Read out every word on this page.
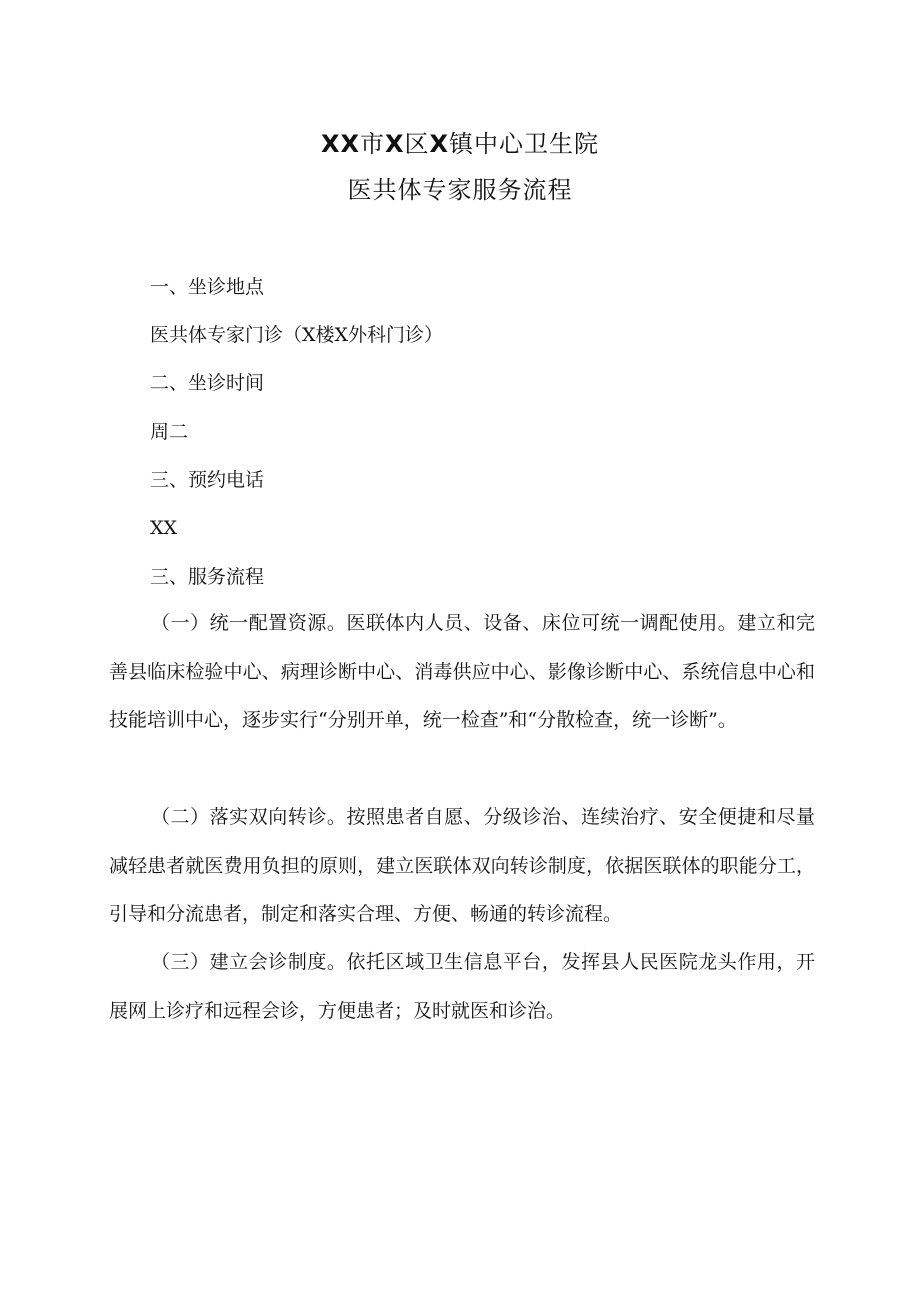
XX市X区X镇中心卫生院
医共体专家服务流程
一、坐诊地点
医共体专家门诊（X楼X外科门诊）
二、坐诊时间
周二
三、预约电话
XX
三、服务流程

（一）统一配置资源。医联体内人员、设备、床位可统一调配使用。建立和完善县临床检验中心、病理诊断中心、消毒供应中心、影像诊断中心、系统信息中心和技能培训中心，逐步实行“分别开单，统一检查”和“分散检查，统一诊断”。

（二）落实双向转诊。按照患者自愿、分级诊治、连续治疗、安全便捷和尽量减轻患者就医费用负担的原则，建立医联体双向转诊制度，依据医联体的职能分工，引导和分流患者，制定和落实合理、方便、畅通的转诊流程。

（三）建立会诊制度。依托区域卫生信息平台，发挥县人民医院龙头作用，开展网上诊疗和远程会诊，方便患者；及时就医和诊治。
